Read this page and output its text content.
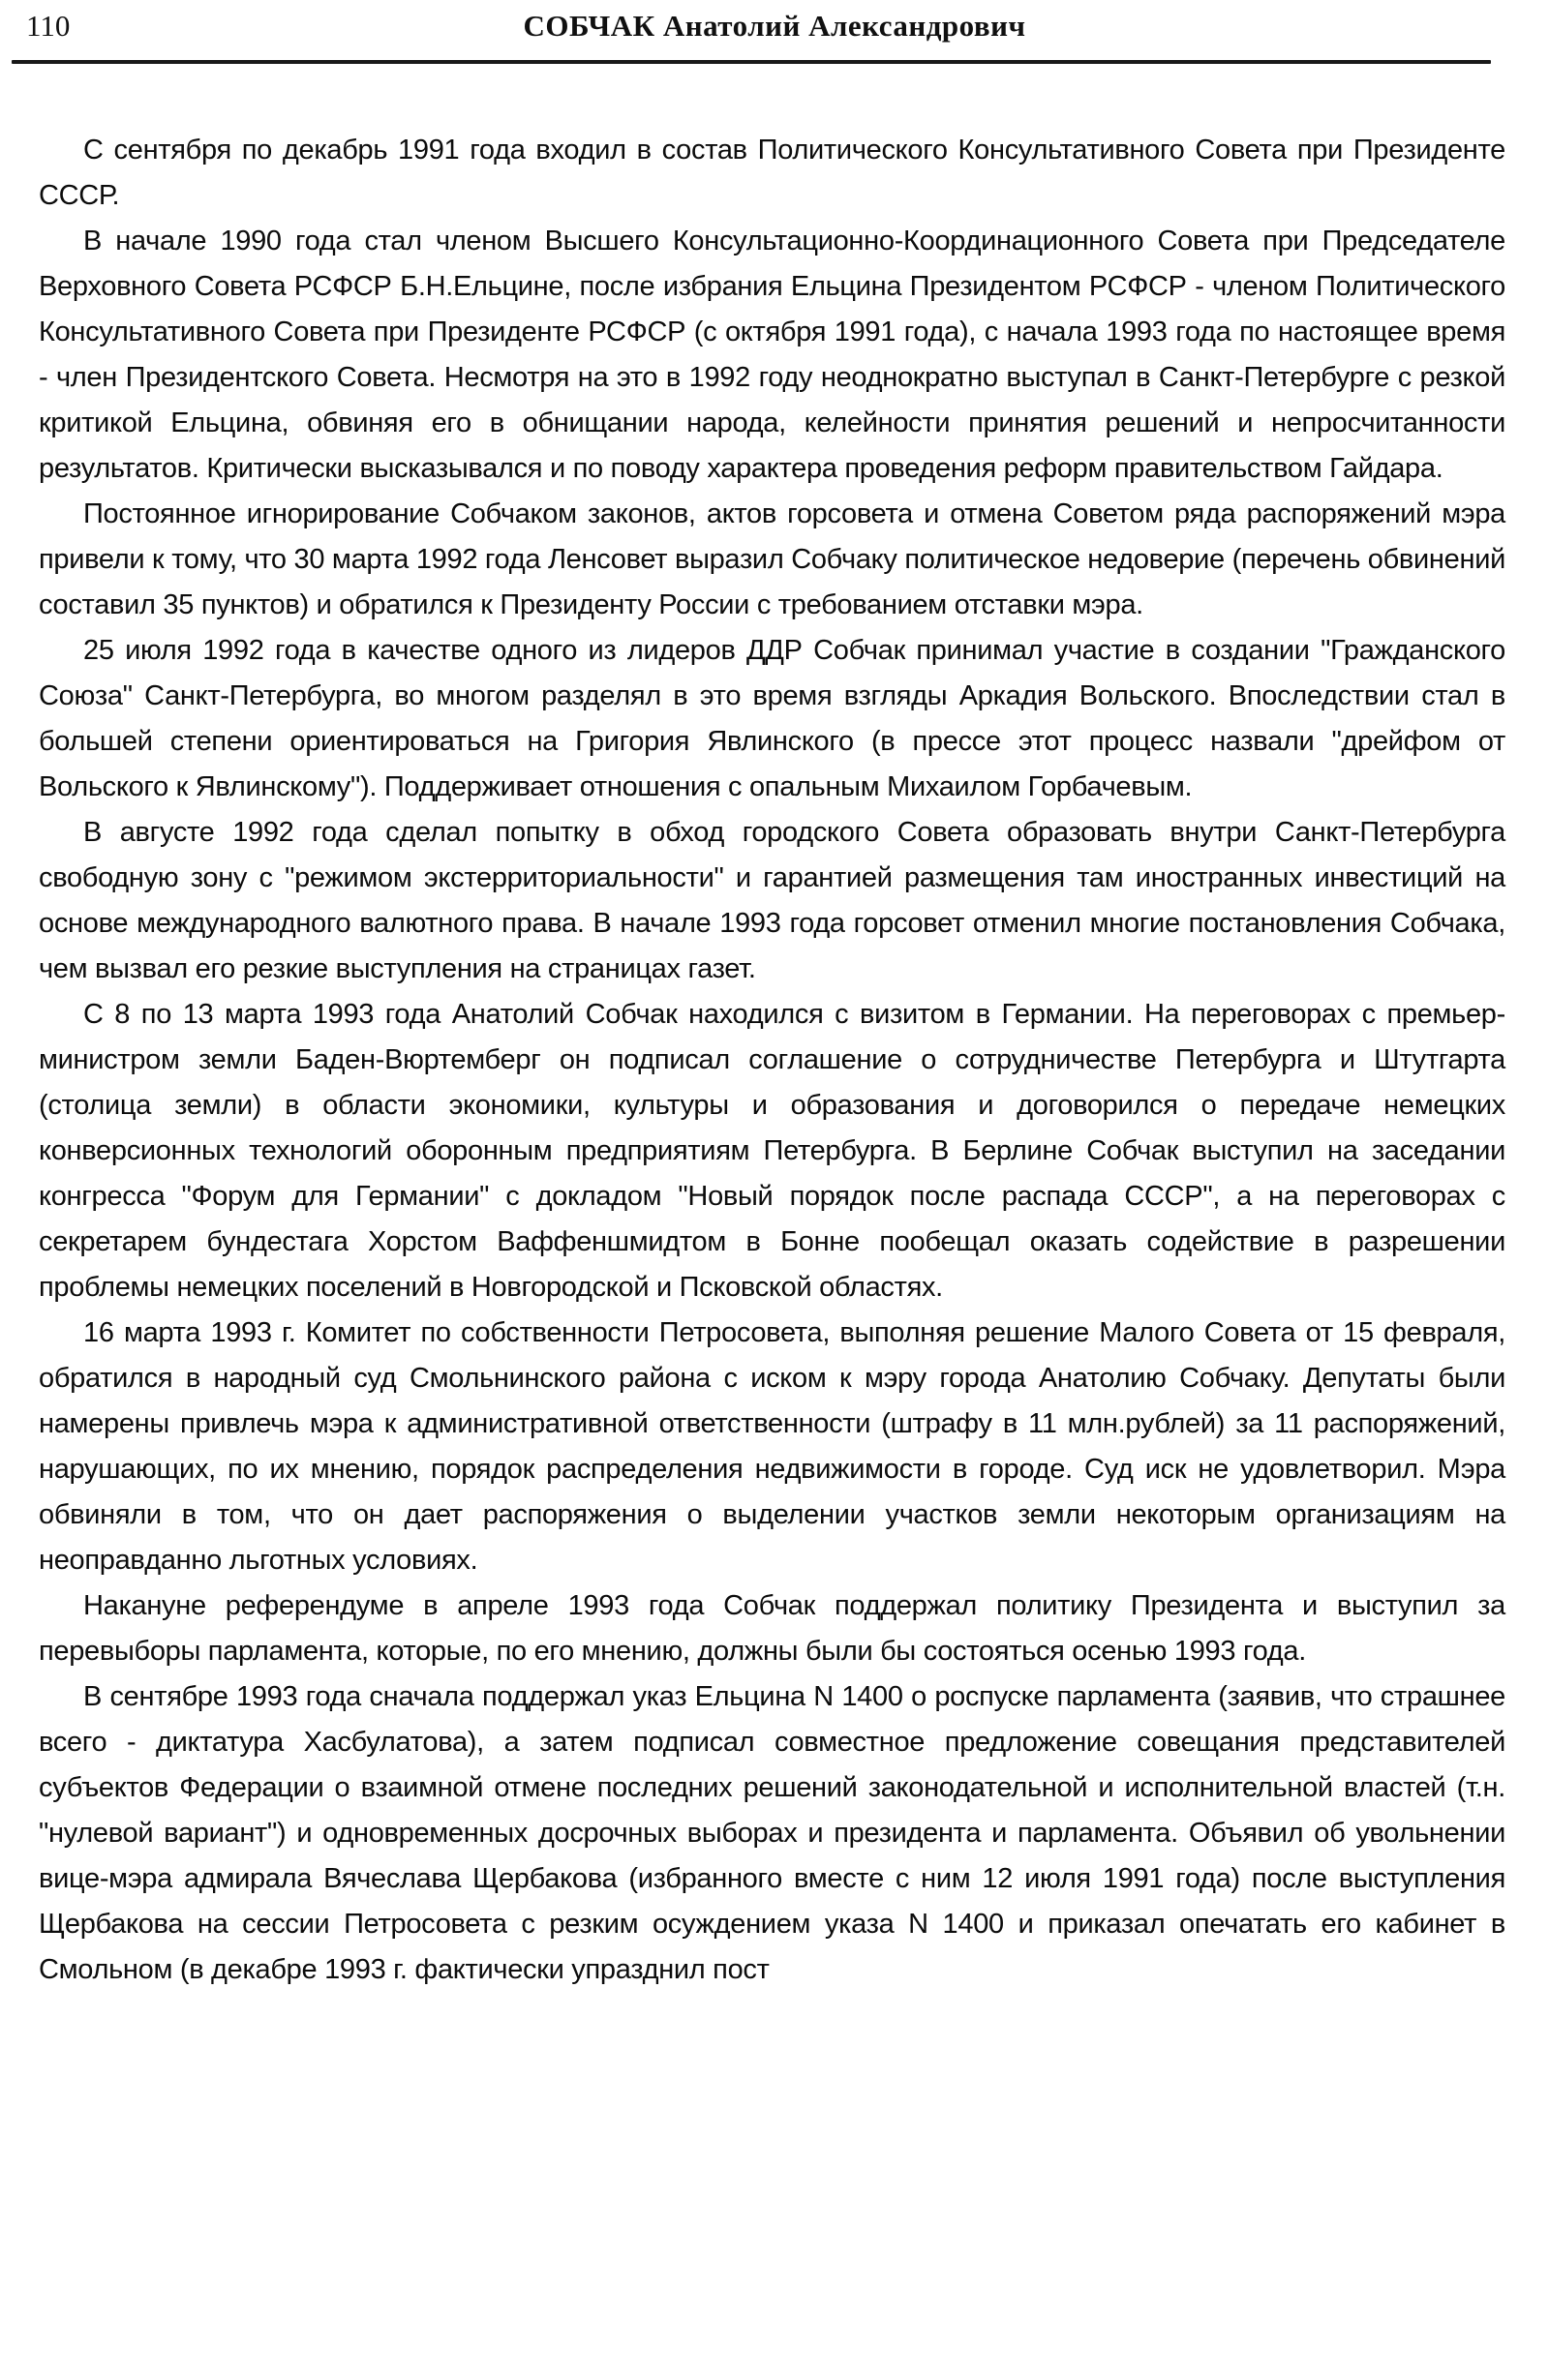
110	СОБЧАК Анатолий Александрович

С сентября по декабрь 1991 года входил в состав Политического Консультативного Совета при Президенте СССР.

В начале 1990 года стал членом Высшего Консультационно-Координационного Совета при Председателе Верховного Совета РСФСР Б.Н.Ельцине, после избрания Ельцина Президентом РСФСР - членом Политического Консультативного Совета при Президенте РСФСР (с октября 1991 года), с начала 1993 года по настоящее время - член Президентского Совета. Несмотря на это в 1992 году неоднократно выступал в Санкт-Петербурге с резкой критикой Ельцина, обвиняя его в обнищании народа, келейности принятия решений и непросчитанности результатов. Критически высказывался и по поводу характера проведения реформ правительством Гайдара.

Постоянное игнорирование Собчаком законов, актов горсовета и отмена Советом ряда распоряжений мэра привели к тому, что 30 марта 1992 года Ленсовет выразил Собчаку политическое недоверие (перечень обвинений составил 35 пунктов) и обратился к Президенту России с требованием отставки мэра.

25 июля 1992 года в качестве одного из лидеров ДДР Собчак принимал участие в создании "Гражданского Союза" Санкт-Петербурга, во многом разделял в это время взгляды Аркадия Вольского. Впоследствии стал в большей степени ориентироваться на Григория Явлинского (в прессе этот процесс назвали "дрейфом от Вольского к Явлинскому"). Поддерживает отношения с опальным Михаилом Горбачевым.

В августе 1992 года сделал попытку в обход городского Совета образовать внутри Санкт-Петербурга свободную зону с "режимом экстерриториальности" и гарантией размещения там иностранных инвестиций на основе международного валютного права. В начале 1993 года горсовет отменил многие постановления Собчака, чем вызвал его резкие выступления на страницах газет.

С 8 по 13 марта 1993 года Анатолий Собчак находился с визитом в Германии. На переговорах с премьер-министром земли Баден-Вюртемберг он подписал соглашение о сотрудничестве Петербурга и Штутгарта (столица земли) в области экономики, культуры и образования и договорился о передаче немецких конверсионных технологий оборонным предприятиям Петербурга. В Берлине Собчак выступил на заседании конгресса "Форум для Германии" с докладом "Новый порядок после распада СССР", а на переговорах с секретарем бундестага Хорстом Ваффеншмидтом в Бонне пообещал оказать содействие в разрешении проблемы немецких поселений в Новгородской и Псковской областях.

16 марта 1993 г. Комитет по собственности Петросовета, выполняя решение Малого Совета от 15 февраля, обратился в народный суд Смольнинского района с иском к мэру города Анатолию Собчаку. Депутаты были намерены привлечь мэра к административной ответственности (штрафу в 11 млн.рублей) за 11 распоряжений, нарушающих, по их мнению, порядок распределения недвижимости в городе. Суд иск не удовлетворил. Мэра обвиняли в том, что он дает распоряжения о выделении участков земли некоторым организациям на неоправданно льготных условиях.

Накануне референдуме в апреле 1993 года Собчак поддержал политику Президента и выступил за перевыборы парламента, которые, по его мнению, должны были бы состояться осенью 1993 года.

В сентябре 1993 года сначала поддержал указ Ельцина N 1400 о роспуске парламента (заявив, что страшнее всего - диктатура Хасбулатова), а затем подписал совместное предложение совещания представителей субъектов Федерации о взаимной отмене последних решений законодательной и исполнительной властей (т.н. "нулевой вариант") и одновременных досрочных выборах и президента и парламента. Объявил об увольнении вице-мэра адмирала Вячеслава Щербакова (избранного вместе с ним 12 июля 1991 года) после выступления Щербакова на сессии Петросовета с резким осуждением указа N 1400 и приказал опечатать его кабинет в Смольном (в декабре 1993 г. фактически упразднил пост
